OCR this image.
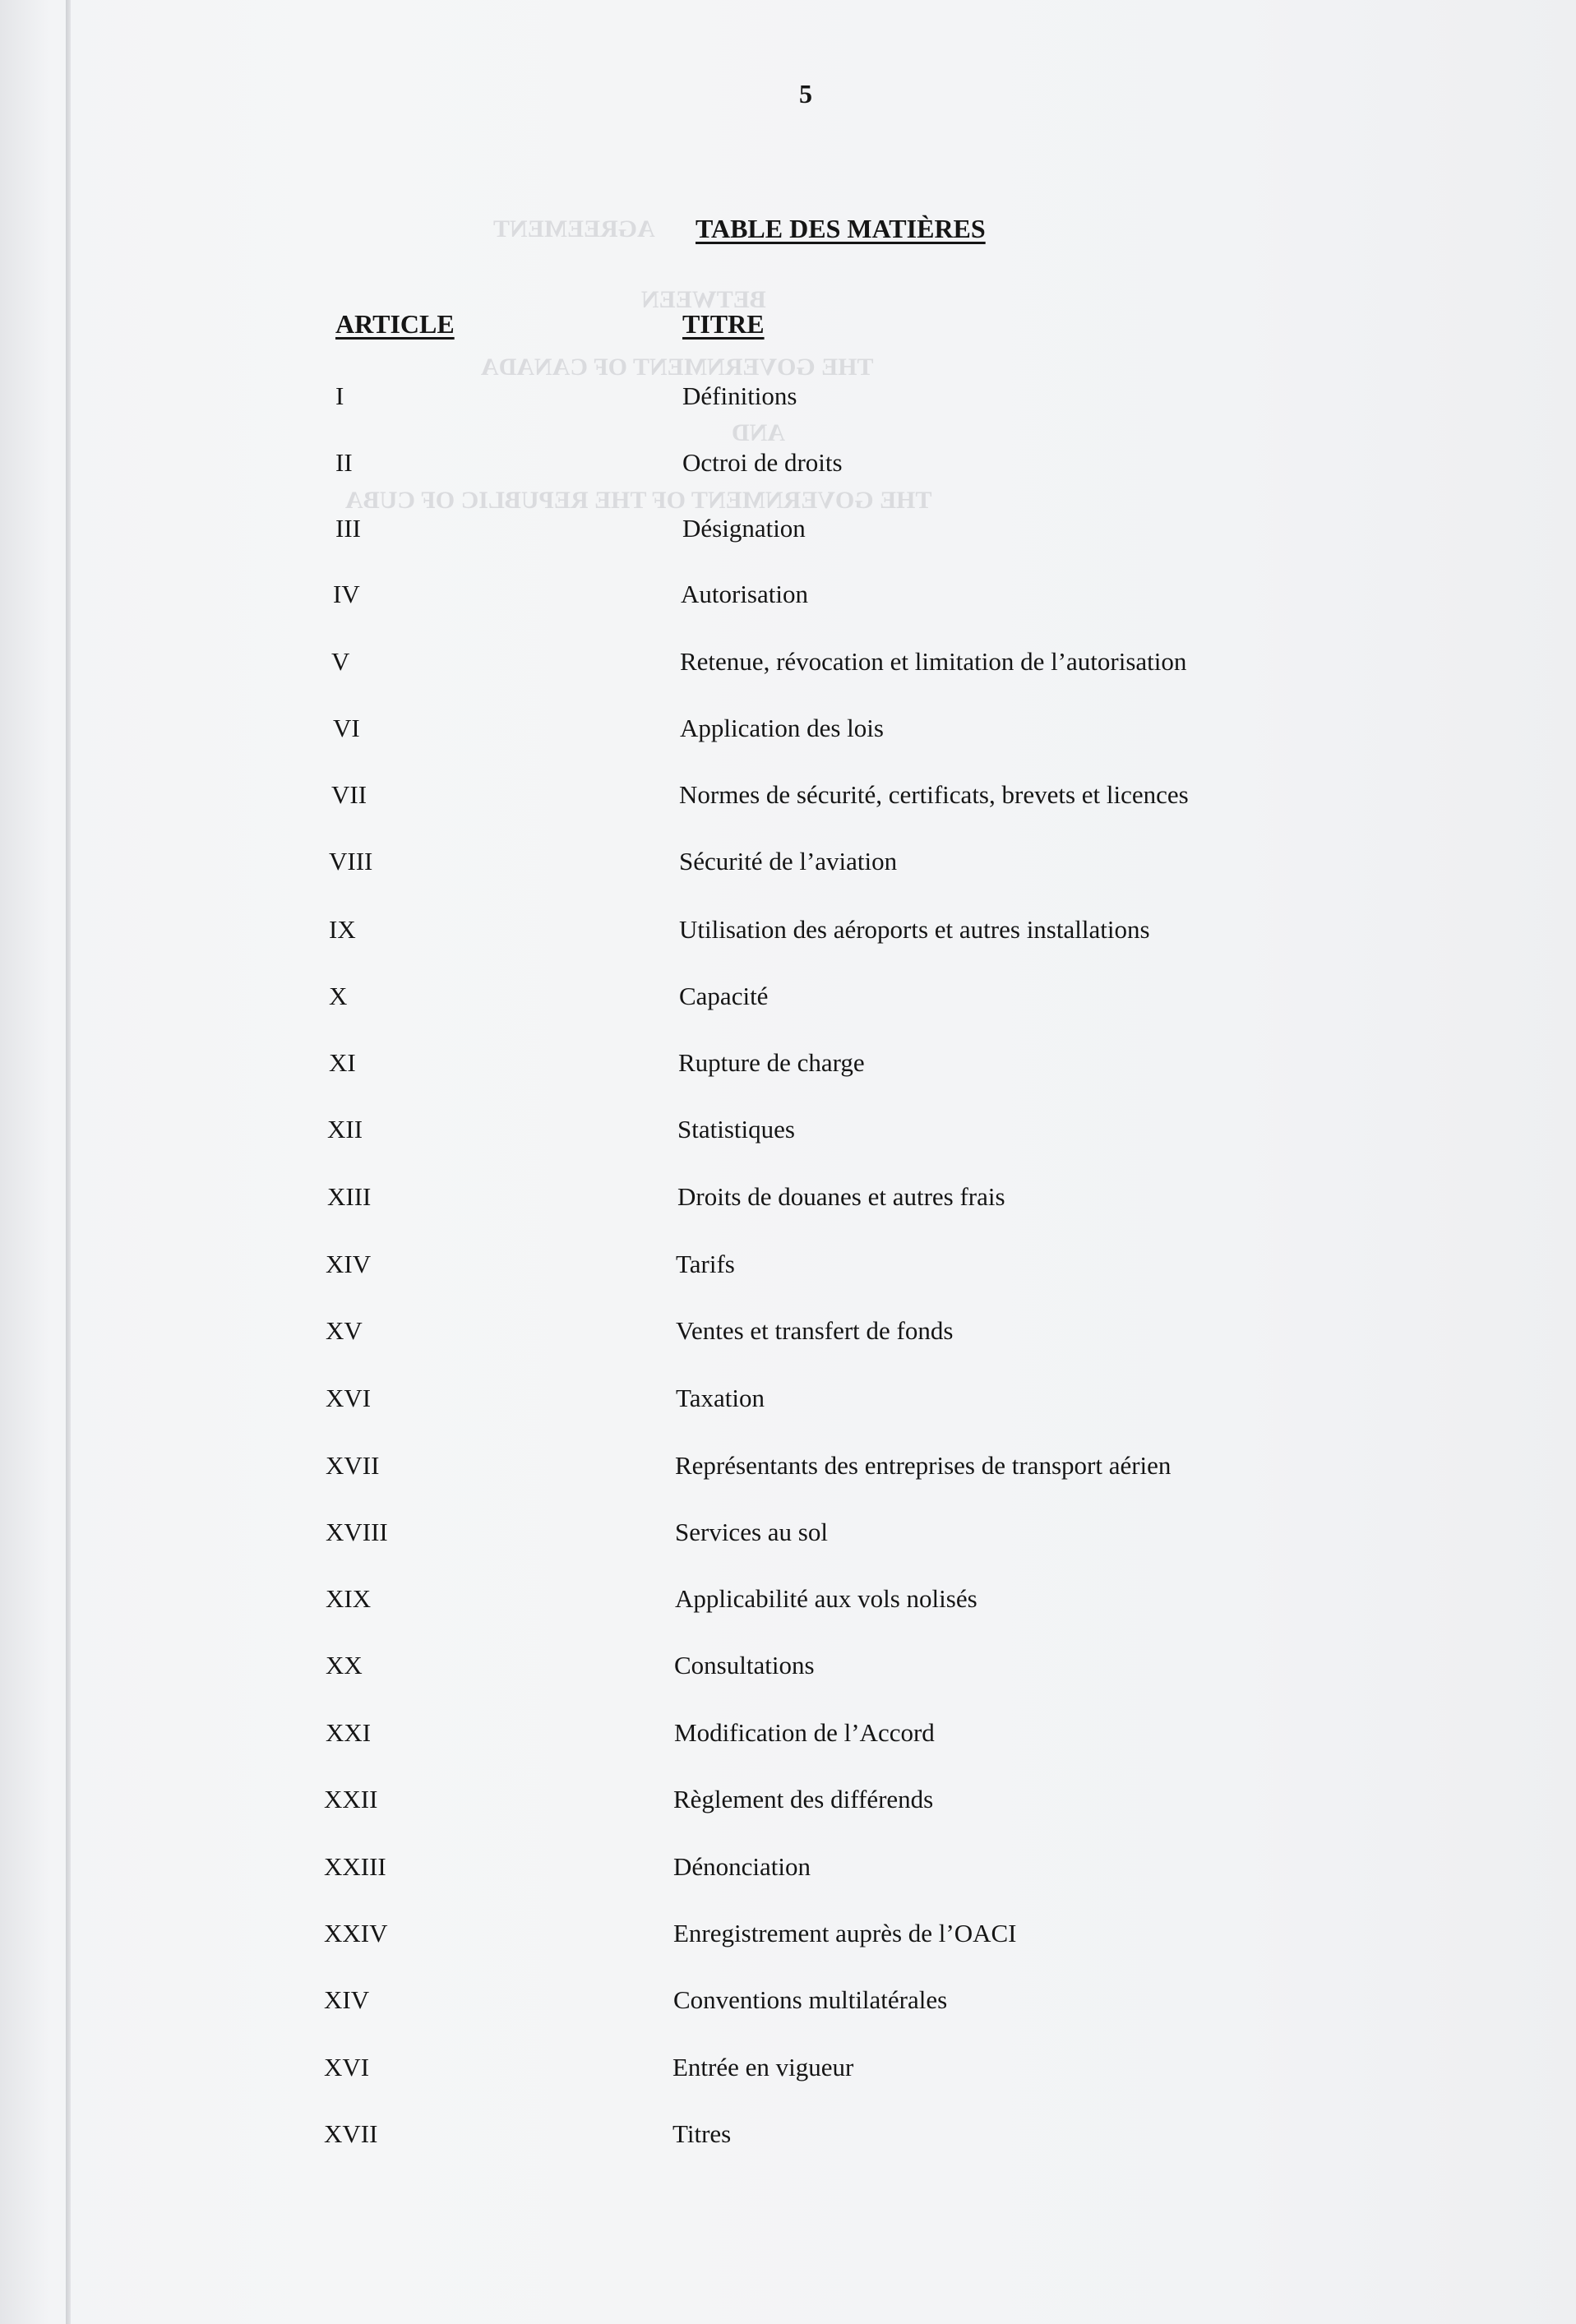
AGREEMENT
BETWEEN
THE GOVERNMENT OF CANADA
AND
THE GOVERNMENT OF THE REPUBLIC OF CUBA
5
TABLE DES MATIÈRES
ARTICLE	TITRE
I	Définitions
II	Octroi de droits
III	Désignation
IV	Autorisation
V	Retenue, révocation et limitation de l’autorisation
VI	Application des lois
VII	Normes de sécurité, certificats, brevets et licences
VIII	Sécurité de l’aviation
IX	Utilisation des aéroports et autres installations
X	Capacité
XI	Rupture de charge
XII	Statistiques
XIII	Droits de douanes et autres frais
XIV	Tarifs
XV	Ventes et transfert de fonds
XVI	Taxation
XVII	Représentants des entreprises de transport aérien
XVIII	Services au sol
XIX	Applicabilité aux vols nolisés
XX	Consultations
XXI	Modification de l’Accord
XXII	Règlement des différends
XXIII	Dénonciation
XXIV	Enregistrement auprès de l’OACI
XIV	Conventions multilatérales
XVI	Entrée en vigueur
XVII	Titres
